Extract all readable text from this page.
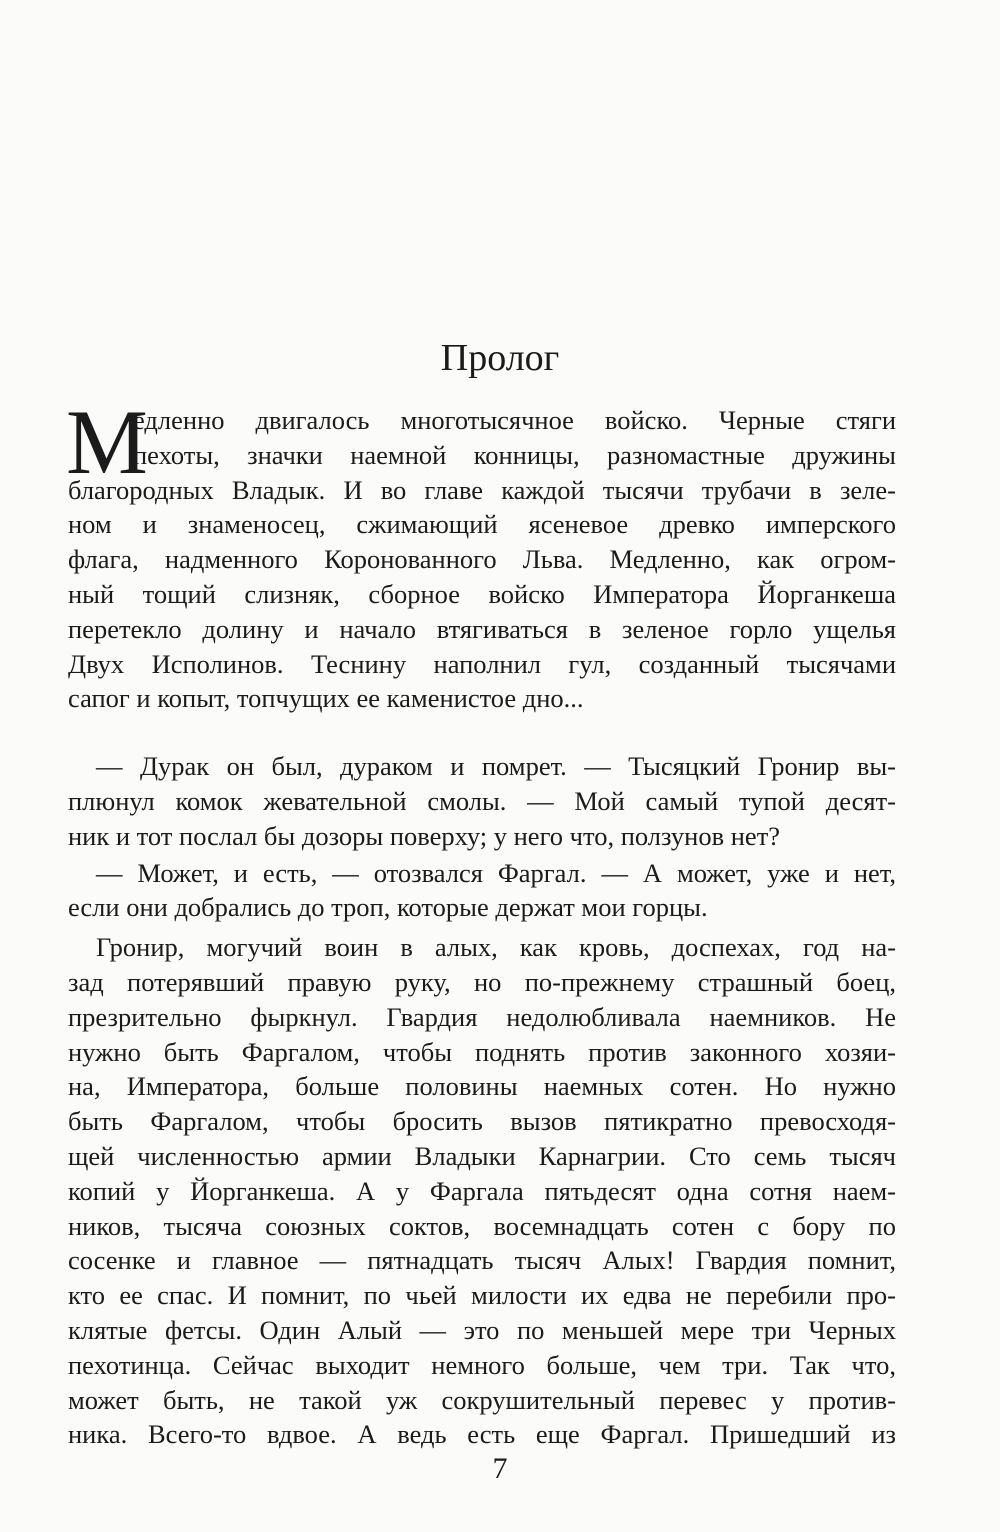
Пролог
М
едленно двигалось многотысячное войско. Черные стяги
пехоты, значки наемной конницы, разномастные дружины
благородных Владык. И во главе каждой тысячи трубачи в зеле-
ном и знаменосец, сжимающий ясеневое древко имперского
флага, надменного Коронованного Льва. Медленно, как огром-
ный тощий слизняк, сборное войско Императора Йорганкеша
перетекло долину и начало втягиваться в зеленое горло ущелья
Двух Исполинов. Теснину наполнил гул, созданный тысячами
сапог и копыт, топчущих ее каменистое дно...
— Дурак он был, дураком и помрет. — Тысяцкий Гронир вы-
плюнул комок жевательной смолы. — Мой самый тупой десят-
ник и тот послал бы дозоры поверху; у него что, ползунов нет?
— Может, и есть, — отозвался Фаргал. — А может, уже и нет,
если они добрались до троп, которые держат мои горцы.
Гронир, могучий воин в алых, как кровь, доспехах, год на-
зад потерявший правую руку, но по-прежнему страшный боец,
презрительно фыркнул. Гвардия недолюбливала наемников. Не
нужно быть Фаргалом, чтобы поднять против законного хозяи-
на, Императора, больше половины наемных сотен. Но нужно
быть Фаргалом, чтобы бросить вызов пятикратно превосходя-
щей численностью армии Владыки Карнагрии. Сто семь тысяч
копий у Йорганкеша. А у Фаргала пятьдесят одна сотня наем-
ников, тысяча союзных соктов, восемнадцать сотен с бору по
сосенке и главное — пятнадцать тысяч Алых! Гвардия помнит,
кто ее спас. И помнит, по чьей милости их едва не перебили про-
клятые фетсы. Один Алый — это по меньшей мере три Черных
пехотинца. Сейчас выходит немного больше, чем три. Так что,
может быть, не такой уж сокрушительный перевес у против-
ника. Всего-то вдвое. А ведь есть еще Фаргал. Пришедший из
7
